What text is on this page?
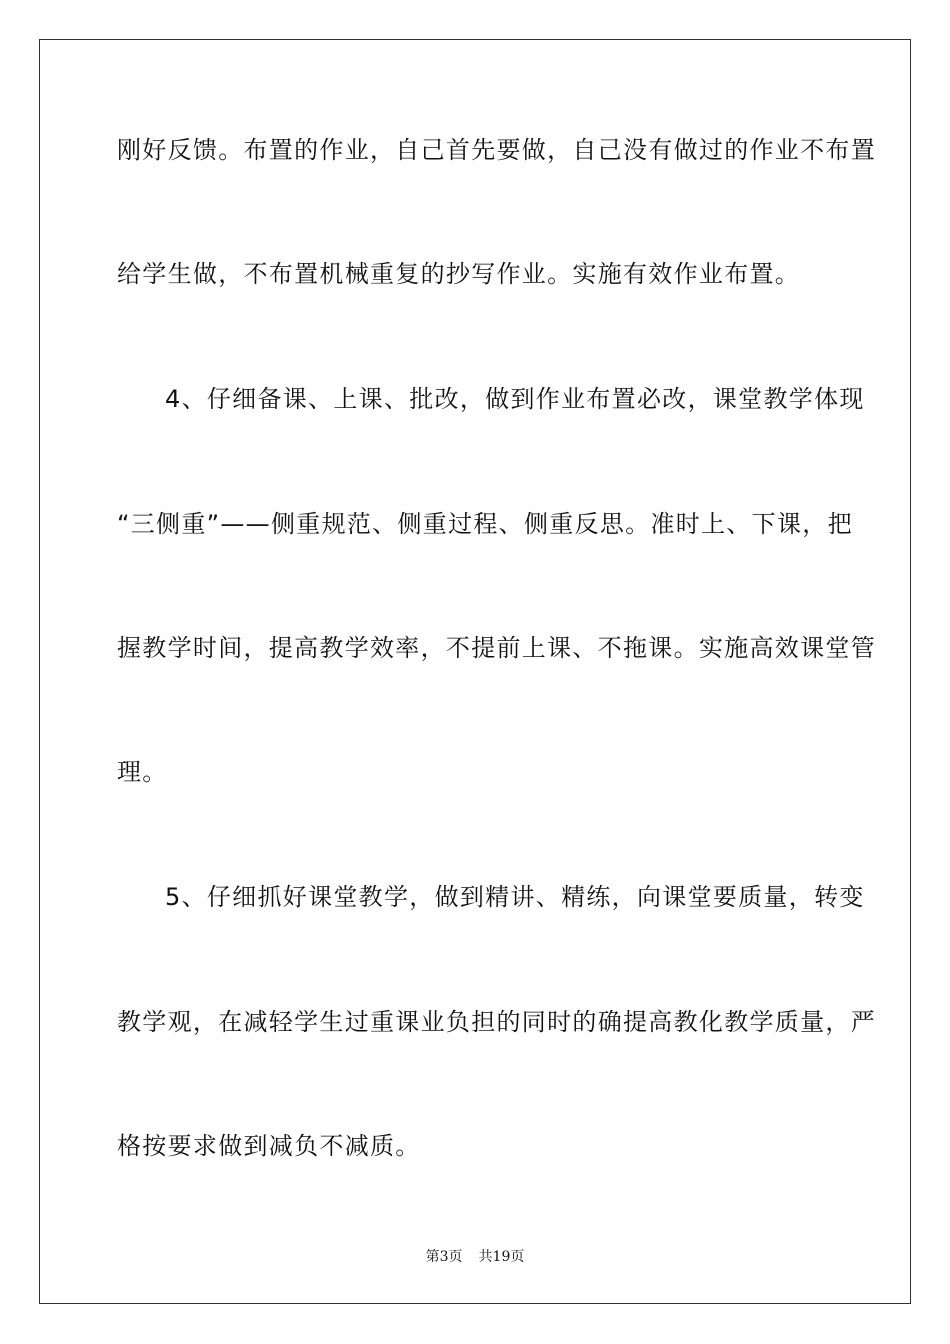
刚好反馈。布置的作业，自己首先要做，自己没有做过的作业不布置
给学生做，不布置机械重复的抄写作业。实施有效作业布置。
4、仔细备课、上课、批改，做到作业布置必改，课堂教学体现
“三侧重”——侧重规范、侧重过程、侧重反思。准时上、下课，把
握教学时间，提高教学效率，不提前上课、不拖课。实施高效课堂管
理。
5、仔细抓好课堂教学，做到精讲、精练，向课堂要质量，转变
教学观，在减轻学生过重课业负担的同时的确提高教化教学质量，严
格按要求做到减负不减质。
第3页 共19页
